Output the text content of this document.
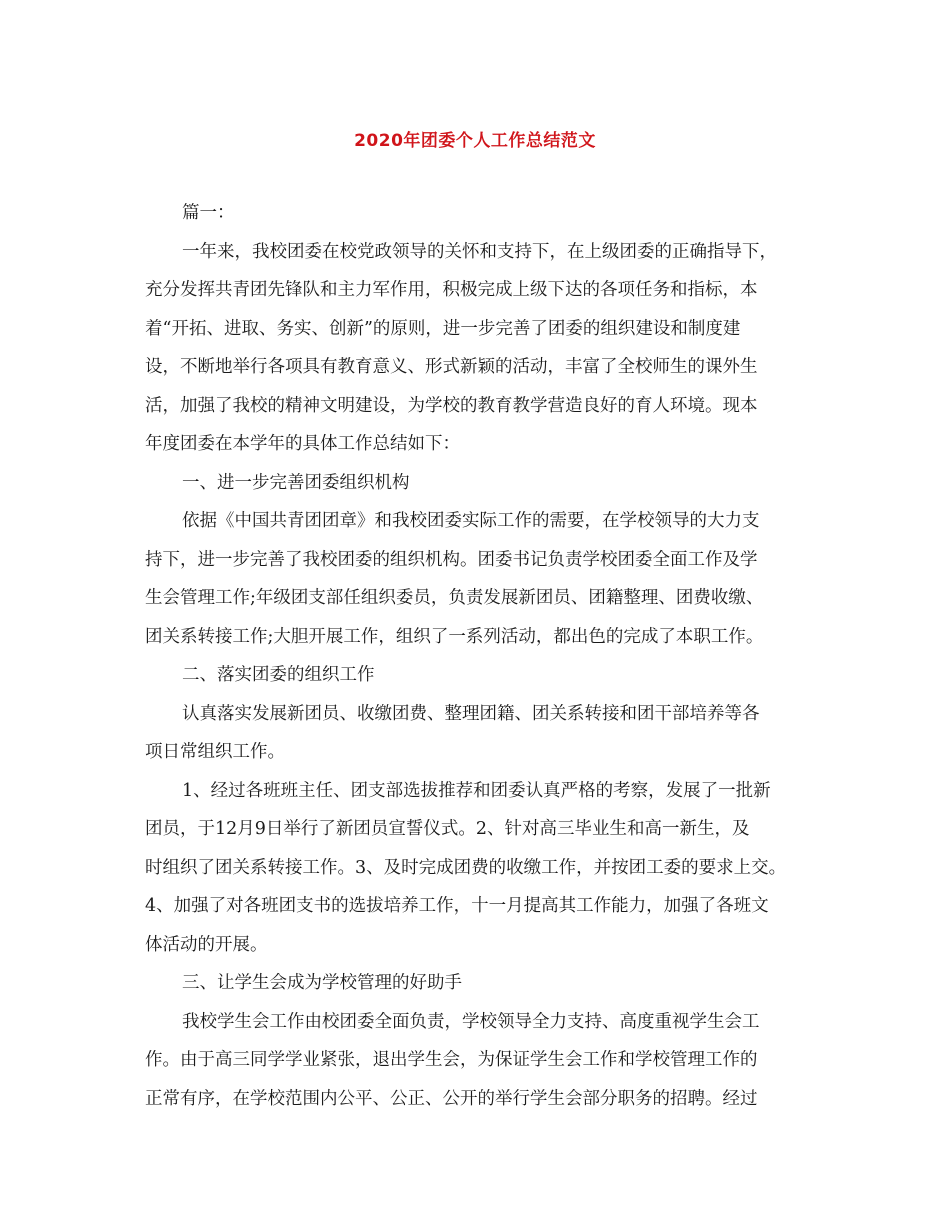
2020年团委个人工作总结范文
篇一：
一年来，我校团委在校党政领导的关怀和支持下，在上级团委的正确指导下，
充分发挥共青团先锋队和主力军作用，积极完成上级下达的各项任务和指标，本
着“开拓、进取、务实、创新”的原则，进一步完善了团委的组织建设和制度建
设，不断地举行各项具有教育意义、形式新颖的活动，丰富了全校师生的课外生
活，加强了我校的精神文明建设，为学校的教育教学营造良好的育人环境。现本
年度团委在本学年的具体工作总结如下：
一、进一步完善团委组织机构
依据《中国共青团团章》和我校团委实际工作的需要，在学校领导的大力支
持下，进一步完善了我校团委的组织机构。团委书记负责学校团委全面工作及学
生会管理工作;年级团支部任组织委员，负责发展新团员、团籍整理、团费收缴、
团关系转接工作;大胆开展工作，组织了一系列活动，都出色的完成了本职工作。
二、落实团委的组织工作
认真落实发展新团员、收缴团费、整理团籍、团关系转接和团干部培养等各
项日常组织工作。
1、经过各班班主任、团支部选拔推荐和团委认真严格的考察，发展了一批新
团员，于12月9日举行了新团员宣誓仪式。2、针对高三毕业生和高一新生，及
时组织了团关系转接工作。3、及时完成团费的收缴工作，并按团工委的要求上交。
4、加强了对各班团支书的选拔培养工作，十一月提高其工作能力，加强了各班文
体活动的开展。
三、让学生会成为学校管理的好助手
我校学生会工作由校团委全面负责，学校领导全力支持、高度重视学生会工
作。由于高三同学学业紧张，退出学生会，为保证学生会工作和学校管理工作的
正常有序，在学校范围内公平、公正、公开的举行学生会部分职务的招聘。经过
